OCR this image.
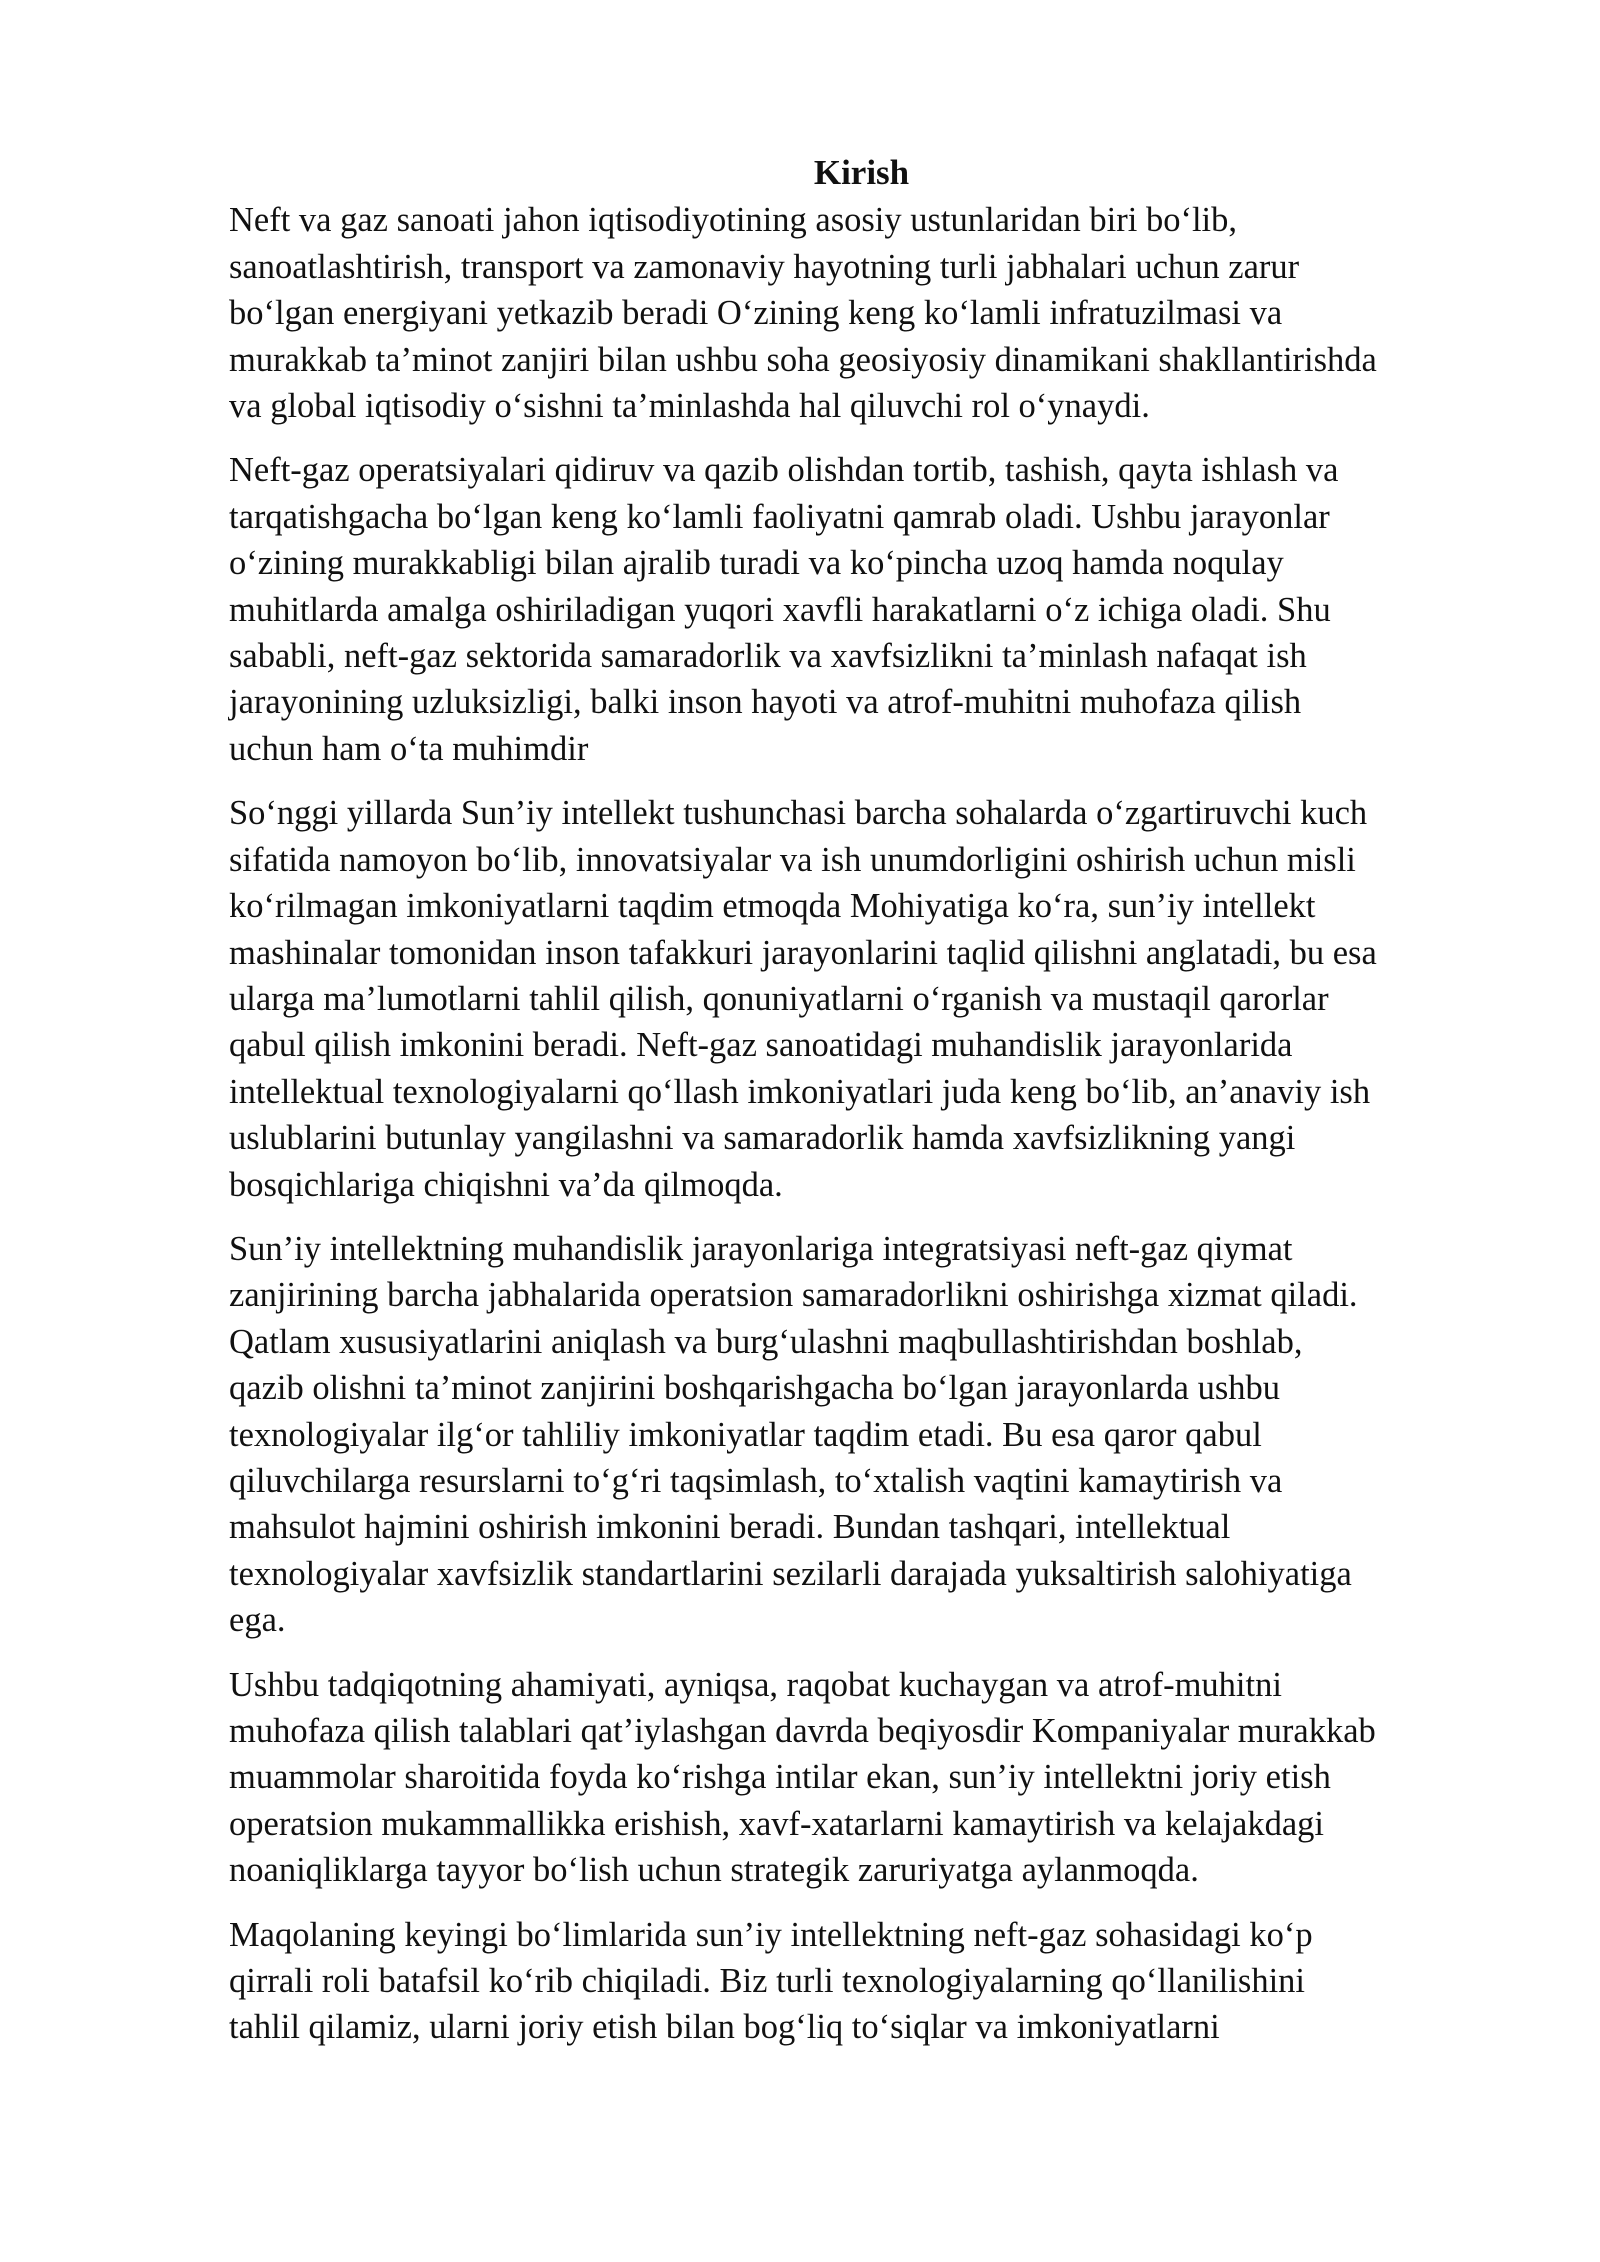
Kirish

Neft va gaz sanoati jahon iqtisodiyotining asosiy ustunlaridan biri bo‘lib,
sanoatlashtirish, transport va zamonaviy hayotning turli jabhalari uchun zarur
bo‘lgan energiyani yetkazib beradi O‘zining keng ko‘lamli infratuzilmasi va
murakkab ta’minot zanjiri bilan ushbu soha geosiyosiy dinamikani shakllantirishda
va global iqtisodiy o‘sishni ta’minlashda hal qiluvchi rol o‘ynaydi.

Neft-gaz operatsiyalari qidiruv va qazib olishdan tortib, tashish, qayta ishlash va
tarqatishgacha bo‘lgan keng ko‘lamli faoliyatni qamrab oladi. Ushbu jarayonlar
o‘zining murakkabligi bilan ajralib turadi va ko‘pincha uzoq hamda noqulay
muhitlarda amalga oshiriladigan yuqori xavfli harakatlarni o‘z ichiga oladi. Shu
sababli, neft-gaz sektorida samaradorlik va xavfsizlikni ta’minlash nafaqat ish
jarayonining uzluksizligi, balki inson hayoti va atrof-muhitni muhofaza qilish
uchun ham o‘ta muhimdir

So‘nggi yillarda Sun’iy intellekt tushunchasi barcha sohalarda o‘zgartiruvchi kuch
sifatida namoyon bo‘lib, innovatsiyalar va ish unumdorligini oshirish uchun misli
ko‘rilmagan imkoniyatlarni taqdim etmoqda Mohiyatiga ko‘ra, sun’iy intellekt
mashinalar tomonidan inson tafakkuri jarayonlarini taqlid qilishni anglatadi, bu esa
ularga ma’lumotlarni tahlil qilish, qonuniyatlarni o‘rganish va mustaqil qarorlar
qabul qilish imkonini beradi. Neft-gaz sanoatidagi muhandislik jarayonlarida
intellektual texnologiyalarni qo‘llash imkoniyatlari juda keng bo‘lib, an’anaviy ish
uslublarini butunlay yangilashni va samaradorlik hamda xavfsizlikning yangi
bosqichlariga chiqishni va’da qilmoqda.

Sun’iy intellektning muhandislik jarayonlariga integratsiyasi neft-gaz qiymat
zanjirining barcha jabhalarida operatsion samaradorlikni oshirishga xizmat qiladi.
Qatlam xususiyatlarini aniqlash va burg‘ulashni maqbullashtirishdan boshlab,
qazib olishni ta’minot zanjirini boshqarishgacha bo‘lgan jarayonlarda ushbu
texnologiyalar ilg‘or tahliliy imkoniyatlar taqdim etadi. Bu esa qaror qabul
qiluvchilarga resurslarni to‘g‘ri taqsimlash, to‘xtalish vaqtini kamaytirish va
mahsulot hajmini oshirish imkonini beradi. Bundan tashqari, intellektual
texnologiyalar xavfsizlik standartlarini sezilarli darajada yuksaltirish salohiyatiga
ega.

Ushbu tadqiqotning ahamiyati, ayniqsa, raqobat kuchaygan va atrof-muhitni
muhofaza qilish talablari qat’iylashgan davrda beqiyosdir Kompaniyalar murakkab
muammolar sharoitida foyda ko‘rishga intilar ekan, sun’iy intellektni joriy etish
operatsion mukammallikka erishish, xavf-xatarlarni kamaytirish va kelajakdagi
noaniqliklarga tayyor bo‘lish uchun strategik zaruriyatga aylanmoqda.

Maqolaning keyingi bo‘limlarida sun’iy intellektning neft-gaz sohasidagi ko‘p
qirrali roli batafsil ko‘rib chiqiladi. Biz turli texnologiyalarning qo‘llanilishini
tahlil qilamiz, ularni joriy etish bilan bog‘liq to‘siqlar va imkoniyatlarni
